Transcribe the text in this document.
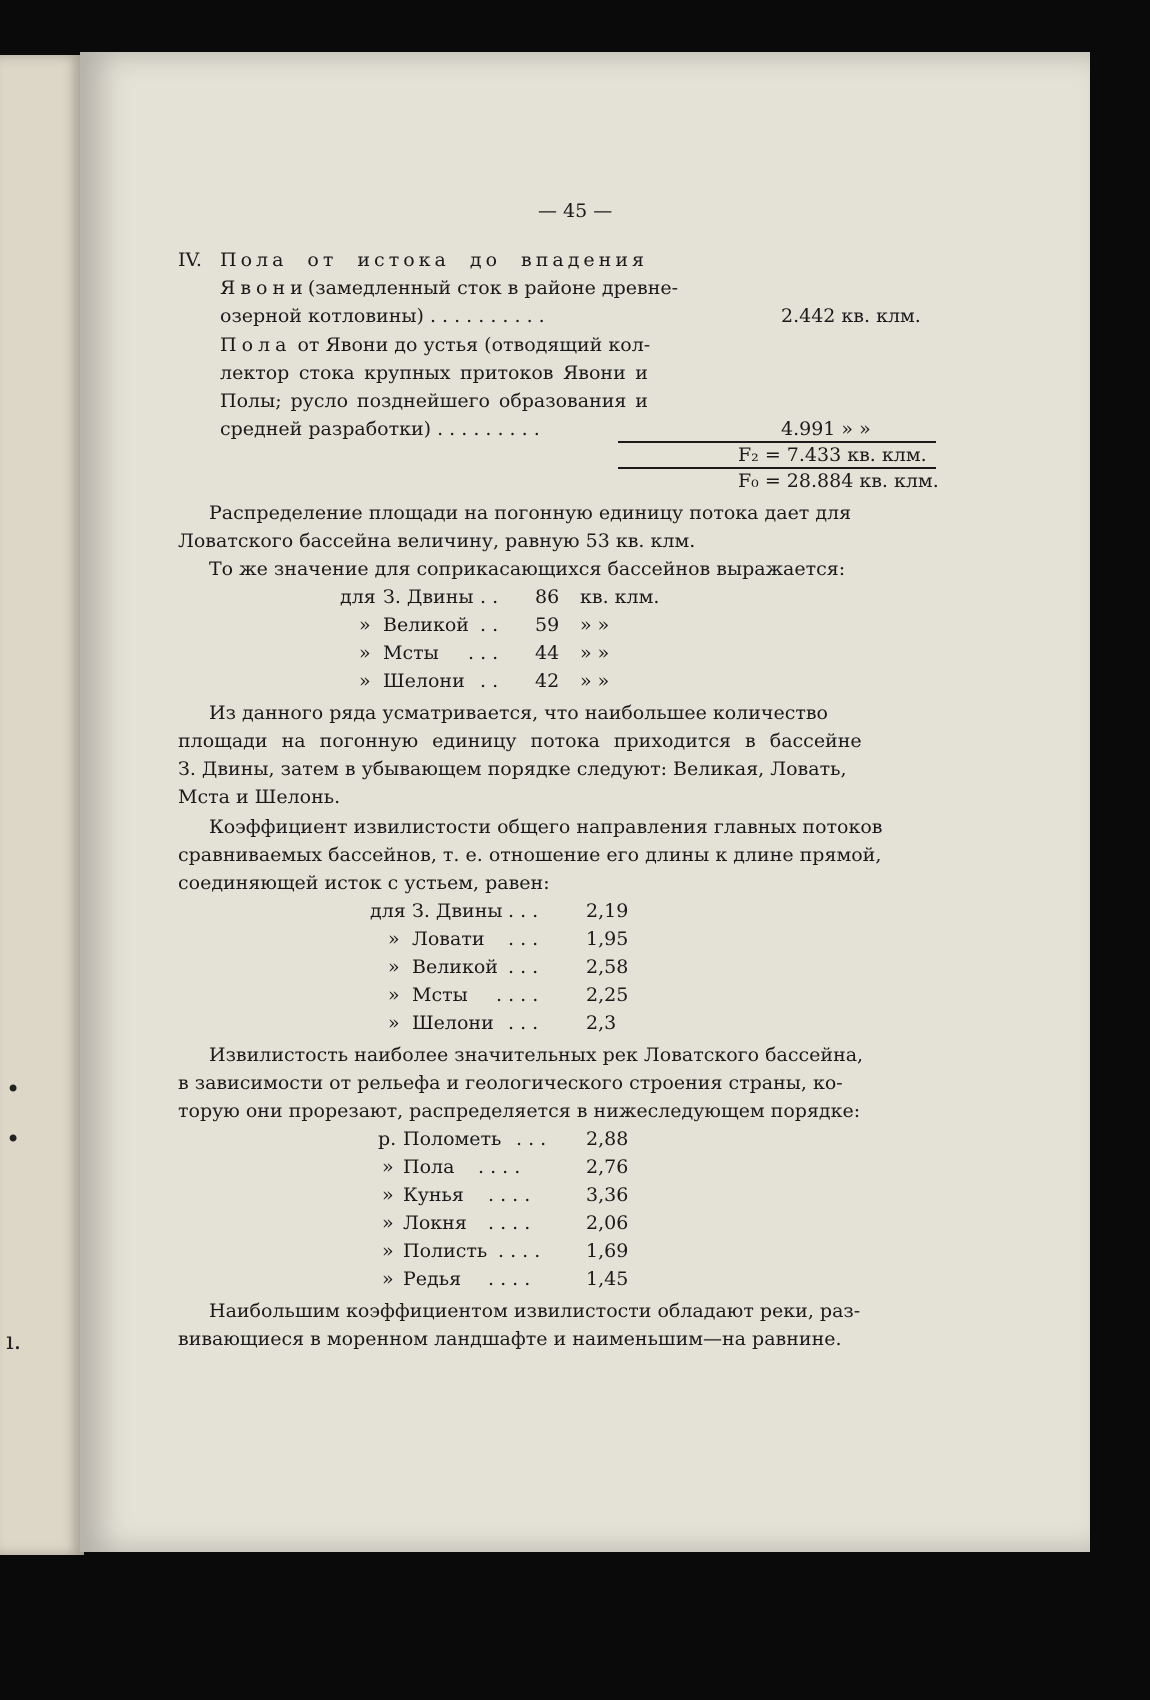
•
•
ı.
— 45 —
IV. Пола от истока до впадения
Явони(замедленный сток в районе древне-
озерной котловины) . . . . . . . . . .	2.442 кв. клм.
Пола от Явони до устья (отводящий кол-
лектор стока крупных притоков Явони и
Полы; русло позднейшего образования и
средней разработки) . . . . . . . . .	4.991 » »
F₂ = 7.433 кв. клм.
F₀ = 28.884 кв. клм.
Распределение площади на погонную единицу потока дает для
Ловатского бассейна величину, равную 53 кв. клм.
То же значение для соприкасающихся бассейнов выражается:
для З. Двины . . 86 кв. клм.
» Великой . . 59 » »
» Мсты . . . 44 » »
» Шелони . . 42 » »
Из данного ряда усматривается, что наибольшее количество
площади на погонную единицу потока приходится в бассейне
З. Двины, затем в убывающем порядке следуют: Великая, Ловать,
Мста и Шелонь.
Коэффициент извилистости общего направления главных потоков
сравниваемых бассейнов, т. е. отношение его длины к длине прямой,
соединяющей исток с устьем, равен:
для З. Двины . . .	2,19
» Ловати . . .	1,95
» Великой . . .	2,58
» Мсты . . . .	2,25
» Шелони . . .	2,3
Извилистость наиболее значительных рек Ловатского бассейна,
в зависимости от рельефа и геологического строения страны, ко-
торую они прорезают, распределяется в нижеследующем порядке:
р. Полометь . . . 2,88
» Пола . . . .	2,76
» Кунья . . . .	3,36
» Локня . . . .	2,06
» Полисть . . . . 1,69
» Редья . . . .	1,45
Наибольшим коэффициентом извилистости обладают реки, раз-
вивающиеся в моренном ландшафте и наименьшим—на равнине.
